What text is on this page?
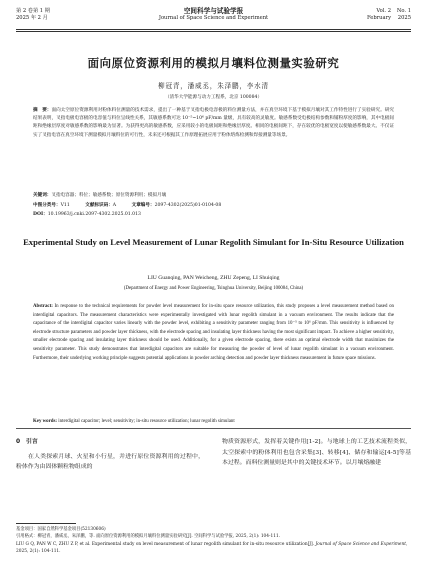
第 2 卷第 1 期
2025 年 2 月
空间科学与试验学报
Journal of Space Science and Experiment
Vol. 2 No. 1
February 2025
面向原位资源利用的模拟月壤料位测量实验研究
柳冠青，潘威丞，朱泽鹏，李水清
（清华大学能源与动力工程系，北京 100084）
摘　要：面向太空原位资源利用对粉体料位测量的技术需求，提出了一种基于叉指电极电容极的料位测量方法，并在真空环境下基于模拟月壤对其工作特性进行了实验研究。研究结果表明，叉指电极电容极的电容值与料位呈线性关系，其敏感系数可达 10⁻⁵~10⁶ pF/mm 量级，具有较高的灵敏度。敏感系数受电极结构参数和铺粉厚度的影响，其中电极间距和绝缘层厚度对敏感系数的影响最为显著。为获得更高的敏感系数，应采用较小的电极间距和绝缘层厚度。相同的电极间距下，存在较优的电极宽度以使敏感系数最大。不仅证实了叉指电容在真空环境下测量模拟月壤料位的可行性，未来还可根据其工作原理拓展应用于粉体熔炼检测和焊接测量等场景。
关键词：叉指电容器；料位；敏感系数；原位资源利用；模拟月壤
中图分类号：V11	文献标识码：A	文章编号：2097-4302(2025)01-0104-08
DOI：10.19963/j.cnki.2097-4302.2025.01.013
Experimental Study on Level Measurement of Lunar Regolith Simulant for In-Situ Resource Utilization
LIU Guanqing, PAN Weicheng, ZHU Zepeng, LI Shuiqing
(Department of Energy and Power Engineering, Tsinghua University, Beijing 100084, China)
Abstract: In response to the technical requirements for powder level measurement for in-situ space resource utilization, this study proposes a level measurement method based on interdigital capacitors. The measurement characteristics were experimentally investigated with lunar regolith simulant in a vacuum environment. The results indicate that the capacitance of the interdigital capacitor varies linearly with the powder level, exhibiting a sensitivity parameter ranging from 10⁻⁵ to 10⁶ pF/mm. This sensitivity is influenced by electrode structure parameters and powder layer thickness, with the electrode spacing and insulating layer thickness having the most significant impact. To achieve a higher sensitivity, smaller electrode spacing and insulating layer thickness should be used. Additionally, for a given electrode spacing, there exists an optimal electrode width that maximizes the sensitivity parameter. This study demonstrates that interdigital capacitors are suitable for measuring the powder of level of lunar regolith simulant in a vacuum environment. Furthermore, their underlying working principle suggests potential applications in powder arching detection and powder layer thickness measurement in future space missions.
Key words: interdigital capacitor; level; sensitivity; in-situ resource utilization; lunar regolith simulant
0　引言

在人类探索月球、火星和小行星，并进行原位资源利用的过程中，粉体作为由固体颗粒物组成的

物质资源形式，发挥着关键作用[1-2]。与地球上的工艺技术流程类似，太空探索中的粉体利用也包含采集[3]、转移[4]、储存和输运[4-5]等基本过程。而料位测量则是其中的关键技术环节。以月壤熔融建

基金项目：国家自然科学基金项目(52130606)
引用格式：柳冠青，潘威丞，朱泽鹏，等. 面向原位资源利用的模拟月壤料位测量实验研究[J]. 空间科学与试验学报, 2025, 2(1): 104-111.
LIU G Q, PAN W C, ZHU Z P, et al. Experimental study on level measurement of lunar regolith simulant for in-situ resource utilization[J]. Journal of Space Science and Experiment, 2025, 2(1): 104-111.
